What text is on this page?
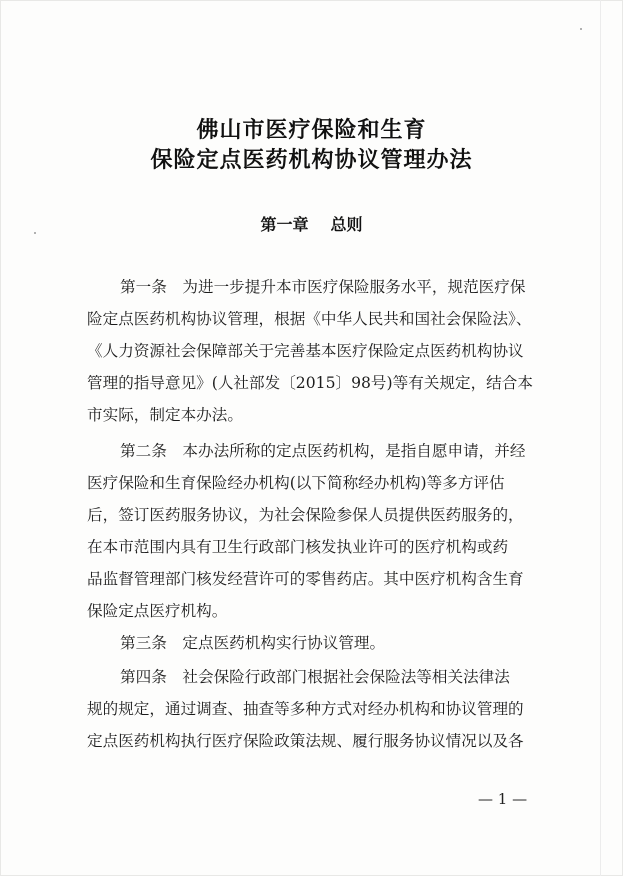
佛山市医疗保险和生育
保险定点医药机构协议管理办法
第一章 总则
第一条　为进一步提升本市医疗保险服务水平，规范医疗保
险定点医药机构协议管理，根据《中华人民共和国社会保险法》、
《人力资源社会保障部关于完善基本医疗保险定点医药机构协议
管理的指导意见》(人社部发〔2015〕98号)等有关规定，结合本
市实际，制定本办法。
第二条　本办法所称的定点医药机构，是指自愿申请，并经
医疗保险和生育保险经办机构(以下简称经办机构)等多方评估
后，签订医药服务协议，为社会保险参保人员提供医药服务的，
在本市范围内具有卫生行政部门核发执业许可的医疗机构或药
品监督管理部门核发经营许可的零售药店。其中医疗机构含生育
保险定点医疗机构。
第三条　定点医药机构实行协议管理。
第四条　社会保险行政部门根据社会保险法等相关法律法
规的规定，通过调查、抽查等多种方式对经办机构和协议管理的
定点医药机构执行医疗保险政策法规、履行服务协议情况以及各
— 1 —
